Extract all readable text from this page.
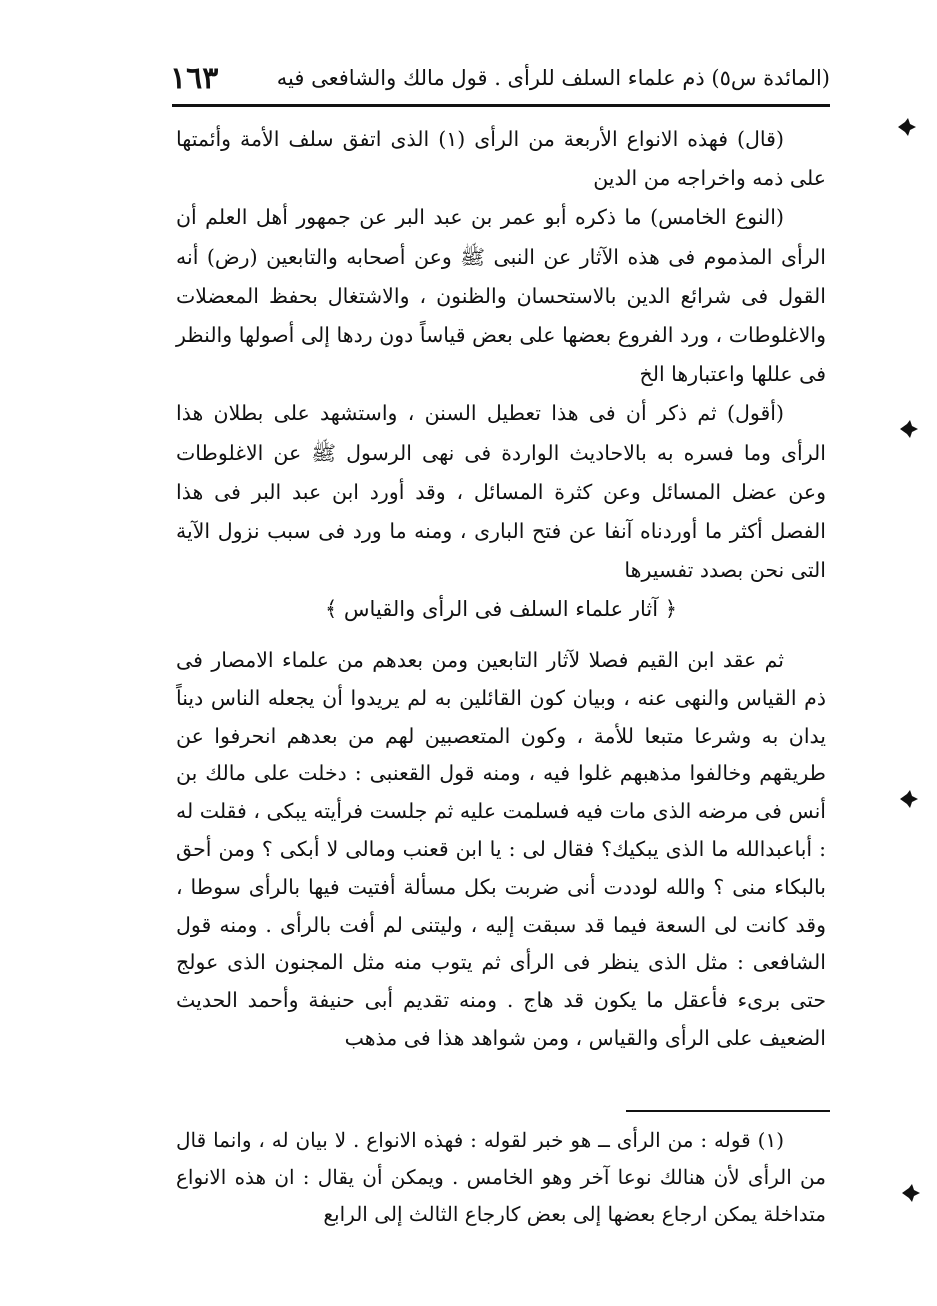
(المائدة س٥) ذم علماء السلف للرأى . قول مالك والشافعى فيه
١٦٣

(قال) فهذه الانواع الأربعة من الرأى (١) الذى اتفق سلف الأمة وأئمتها على ذمه واخراجه من الدين

(النوع الخامس) ما ذكره أبو عمر بن عبد البر عن جمهور أهل العلم أن الرأى المذموم فى هذه الآثار عن النبى ﷺ وعن أصحابه والتابعين (رض) أنه القول فى شرائع الدين بالاستحسان والظنون ، والاشتغال بحفظ المعضلات والاغلوطات ، ورد الفروع بعضها على بعض قياساً دون ردها إلى أصولها والنظر فى عللها واعتبارها الخ

(أقول) ثم ذكر أن فى هذا تعطيل السنن ، واستشهد على بطلان هذا الرأى وما فسره به بالاحاديث الواردة فى نهى الرسول ﷺ عن الاغلوطات وعن عضل المسائل وعن كثرة المسائل ، وقد أورد ابن عبد البر فى هذا الفصل أكثر ما أوردناه آنفا عن فتح البارى ، ومنه ما ورد فى سبب نزول الآية التى نحن بصدد تفسيرها

﴿ آثار علماء السلف فى الرأى والقياس ﴾

ثم عقد ابن القيم فصلا لآثار التابعين ومن بعدهم من علماء الامصار فى ذم القياس والنهى عنه ، وبيان كون القائلين به لم يريدوا أن يجعله الناس ديناً يدان به وشرعا متبعا للأمة ، وكون المتعصبين لهم من بعدهم انحرفوا عن طريقهم وخالفوا مذهبهم غلوا فيه ، ومنه قول القعنبى : دخلت على مالك بن أنس فى مرضه الذى مات فيه فسلمت عليه ثم جلست فرأيته يبكى ، فقلت له : أباعبدالله ما الذى يبكيك؟ فقال لى : يا ابن قعنب ومالى لا أبكى ؟ ومن أحق بالبكاء منى ؟ والله لوددت أنى ضربت بكل مسألة أفتيت فيها بالرأى سوطا ، وقد كانت لى السعة فيما قد سبقت إليه ، وليتنى لم أفت بالرأى . ومنه قول الشافعى : مثل الذى ينظر فى الرأى ثم يتوب منه مثل المجنون الذى عولج حتى برىء فأعقل ما يكون قد هاج . ومنه تقديم أبى حنيفة وأحمد الحديث الضعيف على الرأى والقياس ، ومن شواهد هذا فى مذهب

(١) قوله : من الرأى ــ هو خبر لقوله : فهذه الانواع . لا بيان له ، وانما قال من الرأى لأن هنالك نوعا آخر وهو الخامس . ويمكن أن يقال : ان هذه الانواع متداخلة يمكن ارجاع بعضها إلى بعض كارجاع الثالث إلى الرابع
